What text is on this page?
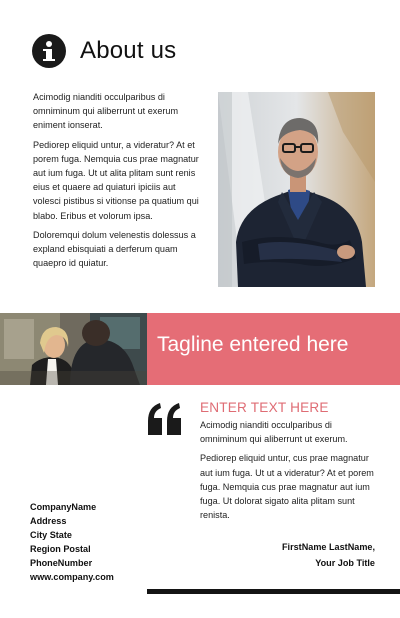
About us

Acimodig nianditi occulparibus di omniminum qui aliberrunt ut exerum eniment ionserat.

Pediorep eliquid untur, a videratur? At et porem fuga. Nemquia cus prae magnatur aut ium fuga. Ut ut alita plitam sunt renis eius et quaere ad quiaturi ipiciis aut volesci pistibus si vitionse pa quatium qui blabo. Eribus et volorum ipsa.

Doloremqui dolum velenestis dolessus a expland ebisquiati a derferum quam quaepro id quiatur.

Tagline entered here
ENTER TEXT HERE

Acimodig nianditi occulparibus di omniminum qui aliberrunt ut exerum.

Pediorep eliquid untur, cus prae magnatur aut ium fuga. Ut ut a videratur? At et porem fuga. Nemquia cus prae magnatur aut ium fuga. Ut dolorat sigato alita plitam sunt renista.

CompanyName
Address
City State
Region Postal
PhoneNumber
www.company.com
FirstName LastName,
Your Job Title
